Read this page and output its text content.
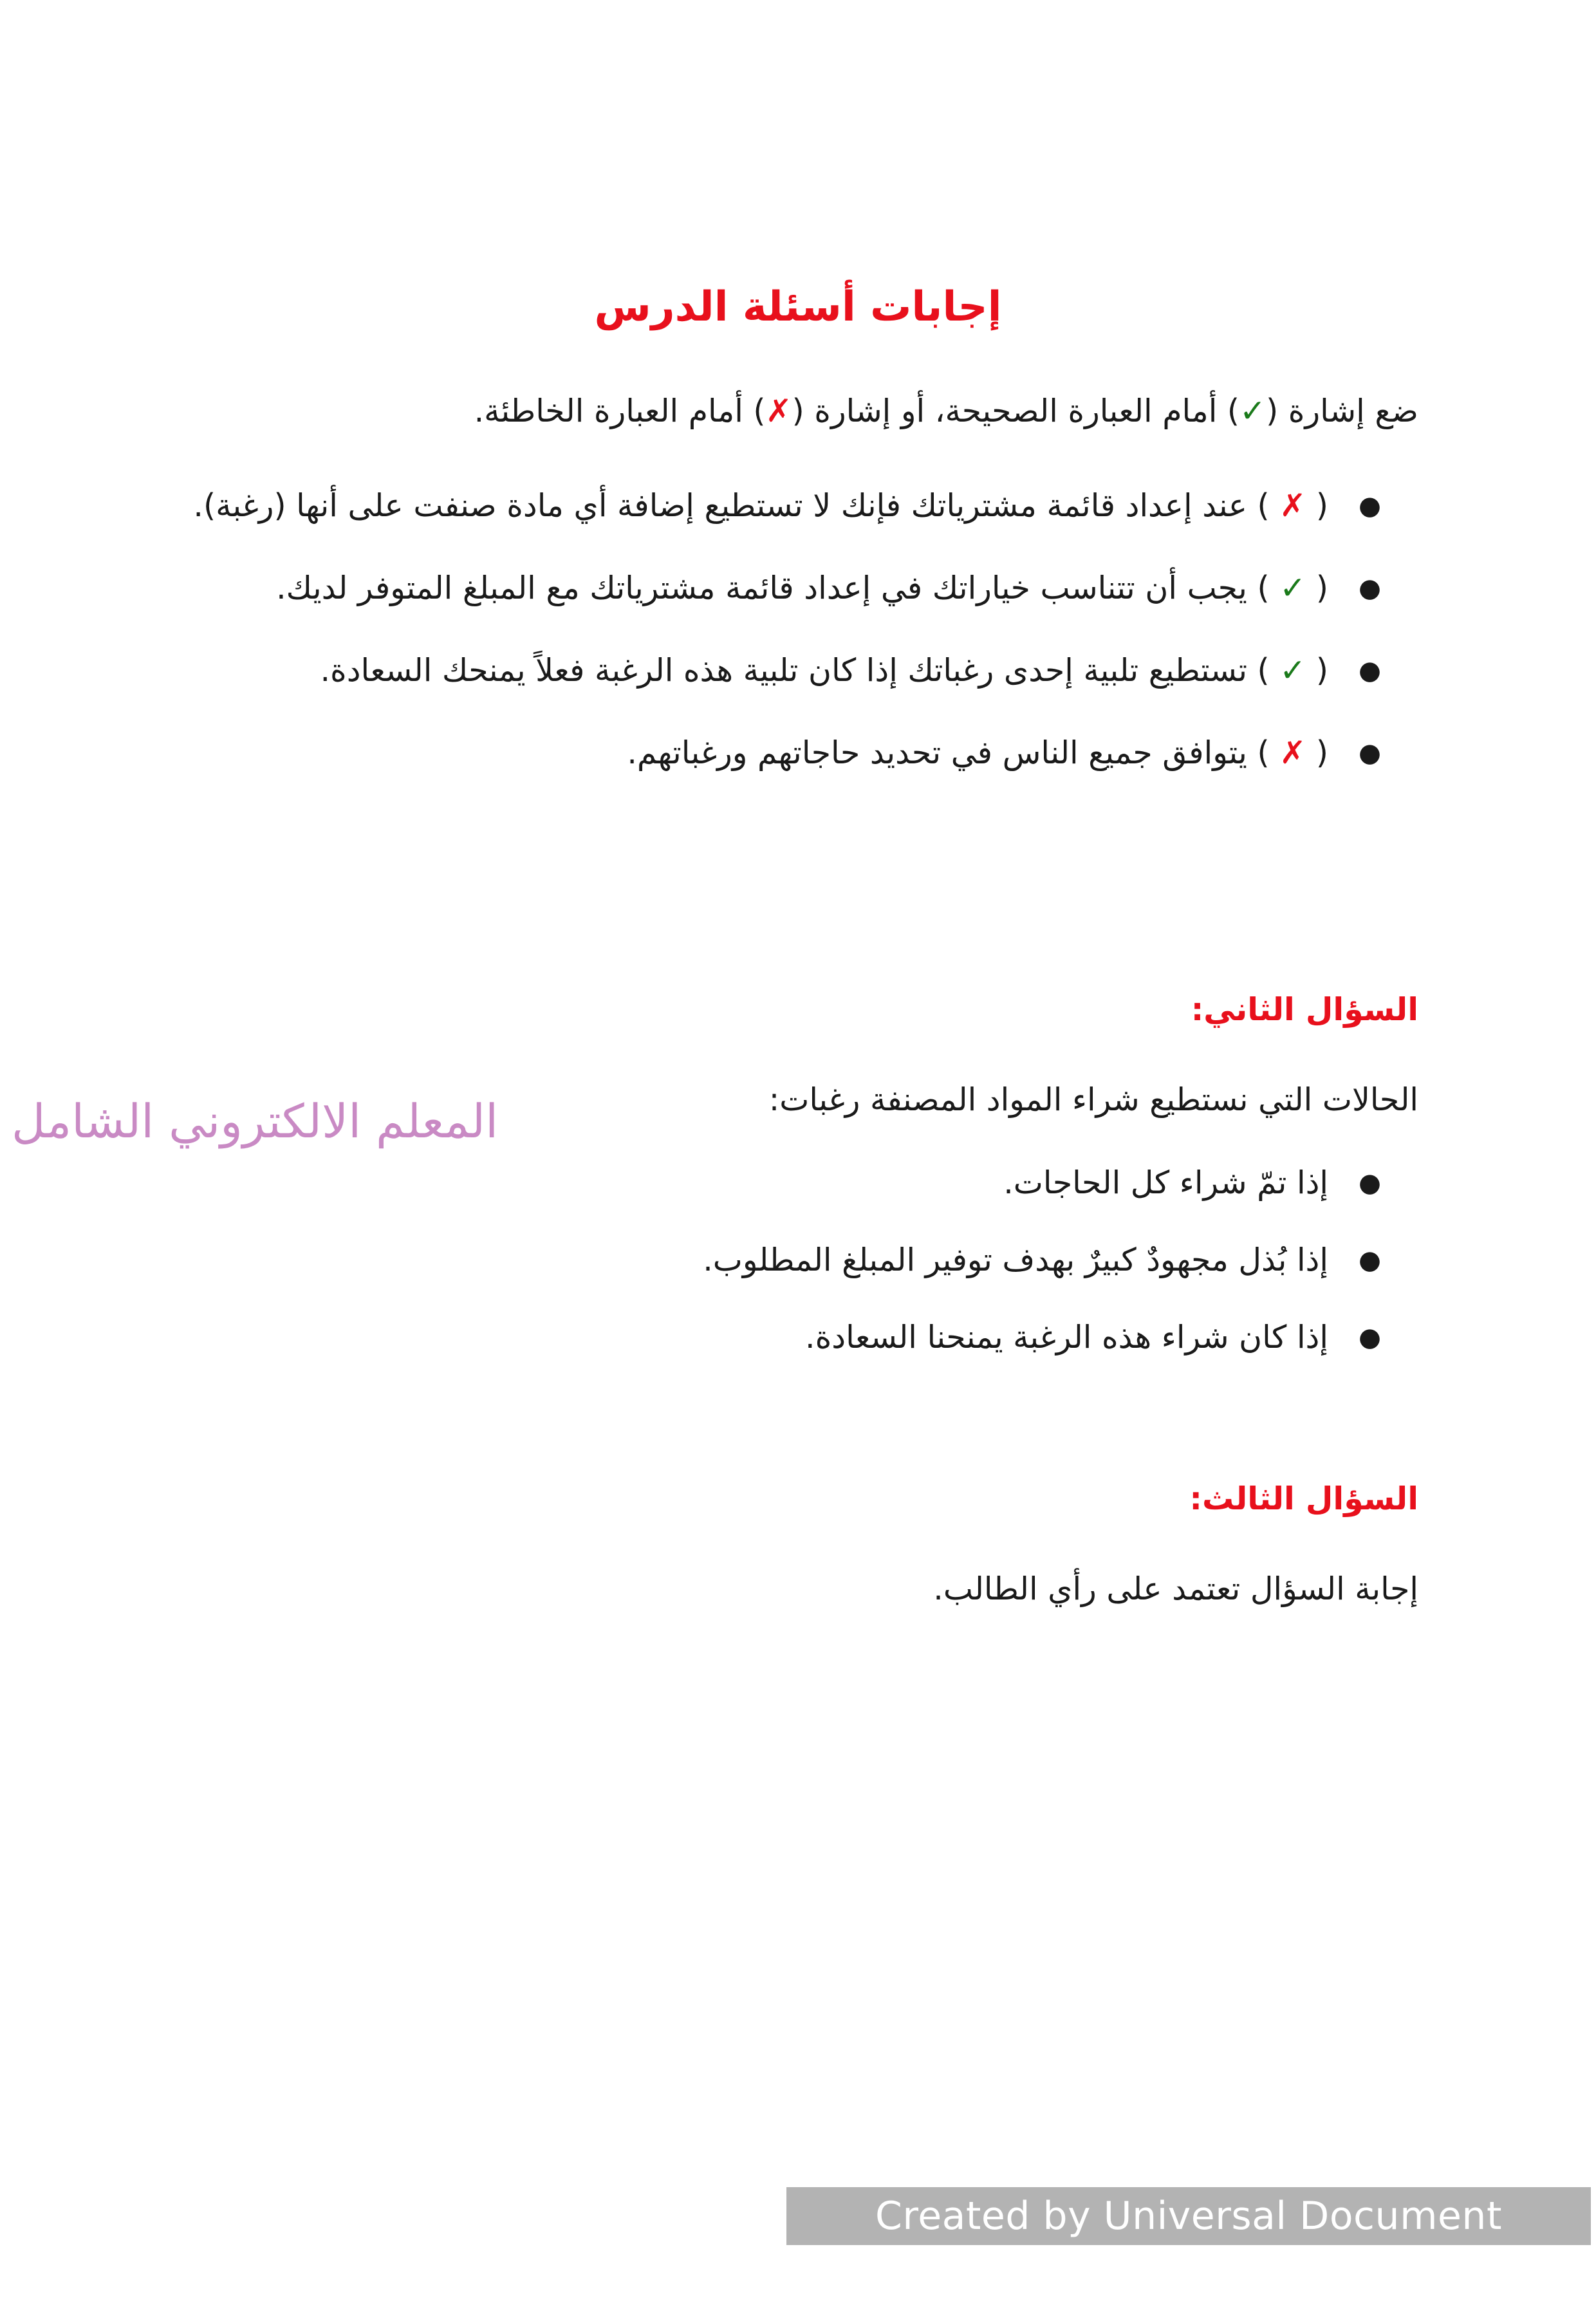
إجابات أسئلة الدرس
ضع إشارة (✓) أمام العبارة الصحيحة، أو إشارة (✗) أمام العبارة الخاطئة.
●
( ✗ ) عند إعداد قائمة مشترياتك فإنك لا تستطيع إضافة أي مادة صنفت على أنها (رغبة).
●
( ✓ ) يجب أن تتناسب خياراتك في إعداد قائمة مشترياتك مع المبلغ المتوفر لديك.
●
( ✓ ) تستطيع تلبية إحدى رغباتك إذا كان تلبية هذه الرغبة فعلاً يمنحك السعادة.
●
( ✗ ) يتوافق جميع الناس في تحديد حاجاتهم ورغباتهم.
السؤال الثاني:
الحالات التي نستطيع شراء المواد المصنفة رغبات:
المعلم الالكتروني الشامل
●
إذا تمّ شراء كل الحاجات.
●
إذا بُذل مجهودٌ كبيرٌ بهدف توفير المبلغ المطلوب.
●
إذا كان شراء هذه الرغبة يمنحنا السعادة.
السؤال الثالث:
إجابة السؤال تعتمد على رأي الطالب.
Created by Universal Document Converter
